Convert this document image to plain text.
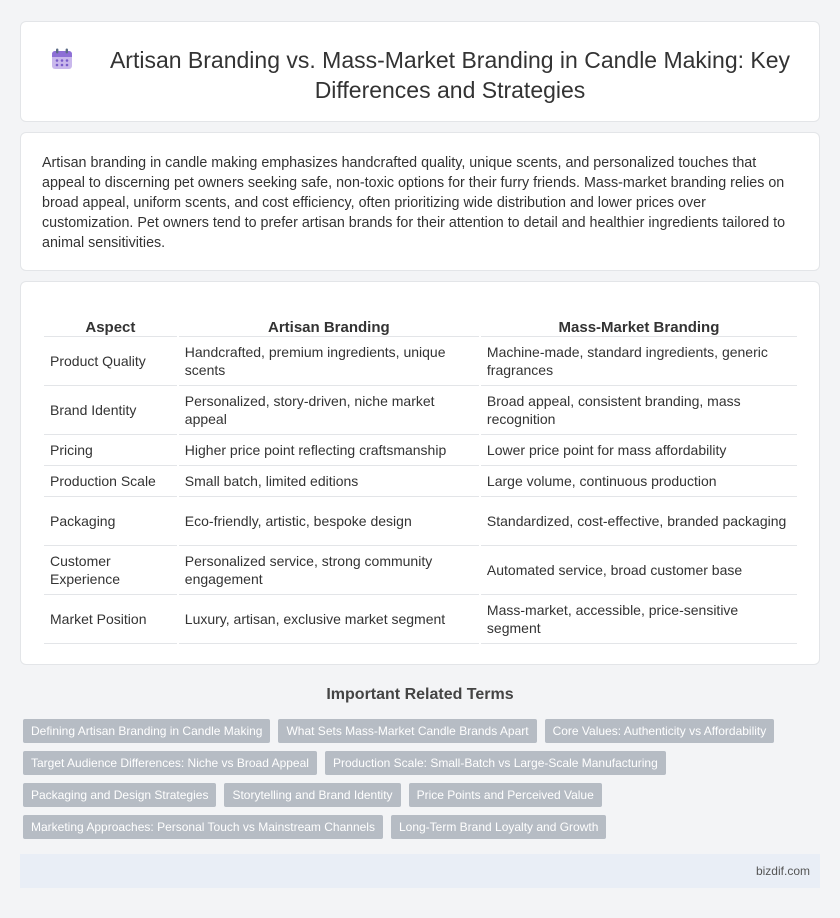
Artisan Branding vs. Mass-Market Branding in Candle Making: Key Differences and Strategies

Artisan branding in candle making emphasizes handcrafted quality, unique scents, and personalized touches that appeal to discerning pet owners seeking safe, non-toxic options for their furry friends. Mass-market branding relies on broad appeal, uniform scents, and cost efficiency, often prioritizing wide distribution and lower prices over customization. Pet owners tend to prefer artisan brands for their attention to detail and healthier ingredients tailored to animal sensitivities.

Aspect	Artisan Branding	Mass-Market Branding
Product Quality	Handcrafted, premium ingredients, unique scents	Machine-made, standard ingredients, generic fragrances
Brand Identity	Personalized, story-driven, niche market appeal	Broad appeal, consistent branding, mass recognition
Pricing	Higher price point reflecting craftsmanship	Lower price point for mass affordability
Production Scale	Small batch, limited editions	Large volume, continuous production
Packaging	Eco-friendly, artistic, bespoke design	Standardized, cost-effective, branded packaging
Customer Experience	Personalized service, strong community engagement	Automated service, broad customer base
Market Position	Luxury, artisan, exclusive market segment	Mass-market, accessible, price-sensitive segment
Important Related Terms
Defining Artisan Branding in Candle Making	What Sets Mass-Market Candle Brands Apart	Core Values: Authenticity vs Affordability
Target Audience Differences: Niche vs Broad Appeal	Production Scale: Small-Batch vs Large-Scale Manufacturing
Packaging and Design Strategies	Storytelling and Brand Identity	Price Points and Perceived Value
Marketing Approaches: Personal Touch vs Mainstream Channels	Long-Term Brand Loyalty and Growth
bizdif.com
